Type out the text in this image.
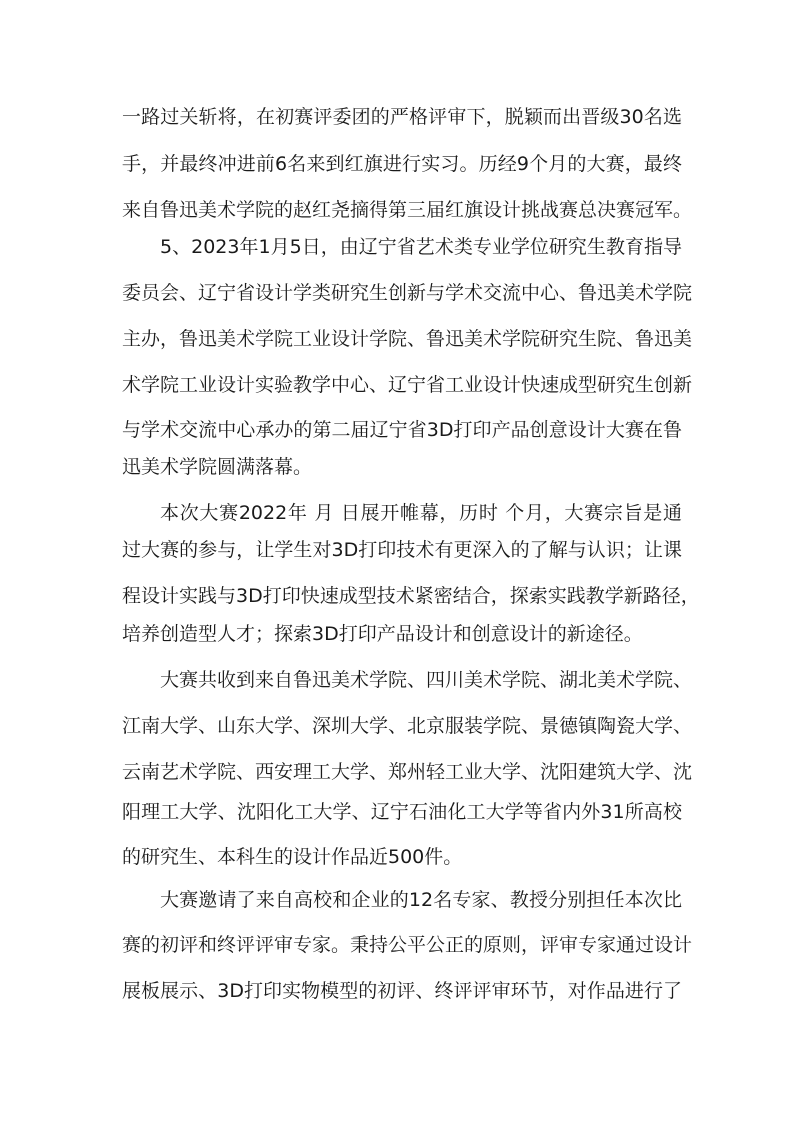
一路过关斩将，在初赛评委团的严格评审下，脱颖而出晋级30名选
手，并最终冲进前6名来到红旗进行实习。历经9个月的大赛，最终
来自鲁迅美术学院的赵红尧摘得第三届红旗设计挑战赛总决赛冠军。
5、2023年1月5日，由辽宁省艺术类专业学位研究生教育指导
委员会、辽宁省设计学类研究生创新与学术交流中心、鲁迅美术学院
主办，鲁迅美术学院工业设计学院、鲁迅美术学院研究生院、鲁迅美
术学院工业设计实验教学中心、辽宁省工业设计快速成型研究生创新
与学术交流中心承办的第二届辽宁省3D打印产品创意设计大赛在鲁
迅美术学院圆满落幕。
本次大赛2022年 月 日展开帷幕，历时 个月，大赛宗旨是通
过大赛的参与，让学生对3D打印技术有更深入的了解与认识；让课
程设计实践与3D打印快速成型技术紧密结合，探索实践教学新路径，
培养创造型人才；探索3D打印产品设计和创意设计的新途径。
大赛共收到来自鲁迅美术学院、四川美术学院、湖北美术学院、
江南大学、山东大学、深圳大学、北京服装学院、景德镇陶瓷大学、
云南艺术学院、西安理工大学、郑州轻工业大学、沈阳建筑大学、沈
阳理工大学、沈阳化工大学、辽宁石油化工大学等省内外31所高校
的研究生、本科生的设计作品近500件。
大赛邀请了来自高校和企业的12名专家、教授分别担任本次比
赛的初评和终评评审专家。秉持公平公正的原则，评审专家通过设计
展板展示、3D打印实物模型的初评、终评评审环节，对作品进行了
